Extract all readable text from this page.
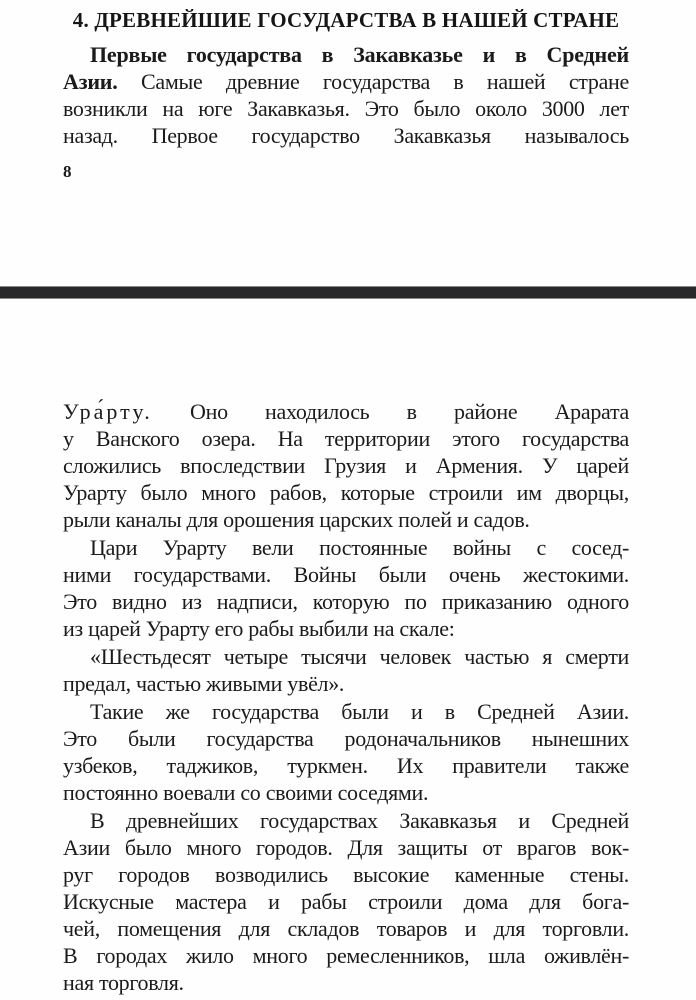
4. ДРЕВНЕЙШИЕ ГОСУДАРСТВА В НАШЕЙ СТРАНЕ
Первые государства в Закавказье и в Средней
Азии. Самые древние государства в нашей стране
возникли на юге Закавказья. Это было около 3000 лет
назад. Первое государство Закавказья называлось
8
Ура́рту. Оно находилось в районе Арарата
у Ванского озера. На территории этого государства
сложились впоследствии Грузия и Армения. У царей
Урарту было много рабов, которые строили им дворцы,
рыли каналы для орошения царских полей и садов.
Цари Урарту вели постоянные войны с сосед-
ними государствами. Войны были очень жестокими.
Это видно из надписи, которую по приказанию одного
из царей Урарту его рабы выбили на скале:
«Шестьдесят четыре тысячи человек частью я смерти
предал, частью живыми увёл».
Такие же государства были и в Средней Азии.
Это были государства родоначальников нынешних
узбеков, таджиков, туркмен. Их правители также
постоянно воевали со своими соседями.
В древнейших государствах Закавказья и Средней
Азии было много городов. Для защиты от врагов вок-
руг городов возводились высокие каменные стены.
Искусные мастера и рабы строили дома для бога-
чей, помещения для складов товаров и для торговли.
В городах жило много ремесленников, шла оживлён-
ная торговля.
